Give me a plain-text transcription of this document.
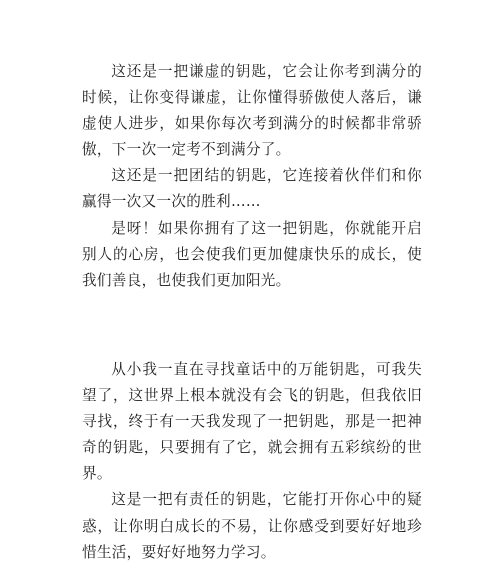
这还是一把谦虚的钥匙，它会让你考到满分的时候，让你变得谦虚，让你懂得骄傲使人落后，谦虚使人进步，如果你每次考到满分的时候都非常骄傲，下一次一定考不到满分了。

这还是一把团结的钥匙，它连接着伙伴们和你赢得一次又一次的胜利……

是呀！如果你拥有了这一把钥匙，你就能开启别人的心房，也会使我们更加健康快乐的成长，使我们善良，也使我们更加阳光。

从小我一直在寻找童话中的万能钥匙，可我失望了，这世界上根本就没有会飞的钥匙，但我依旧寻找，终于有一天我发现了一把钥匙，那是一把神奇的钥匙，只要拥有了它，就会拥有五彩缤纷的世界。

这是一把有责任的钥匙，它能打开你心中的疑惑，让你明白成长的不易，让你感受到要好好地珍惜生活，要好好地努力学习。
